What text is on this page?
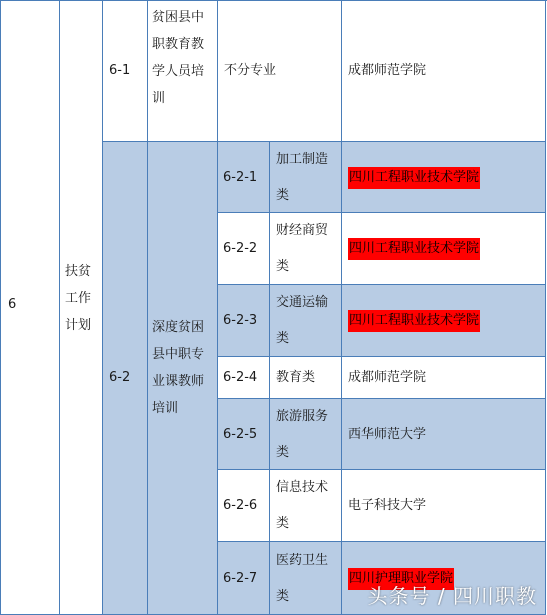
6
扶贫
工作
计划
6-1
贫困县中
职教育教
学人员培
训
不分专业	成都师范学院
6-2
深度贫困
县中职专
业课教师
培训
6-2-1
加工制造
类
四川工程职业技术学院
6-2-2
财经商贸
类
四川工程职业技术学院
6-2-3
交通运输
类
四川工程职业技术学院
6-2-4 教育类	成都师范学院
6-2-5
旅游服务
类
西华师范大学
6-2-6
信息技术
类
电子科技大学
6-2-7
医药卫生
类
四川护理职业学院
头条号 / 四川职教
